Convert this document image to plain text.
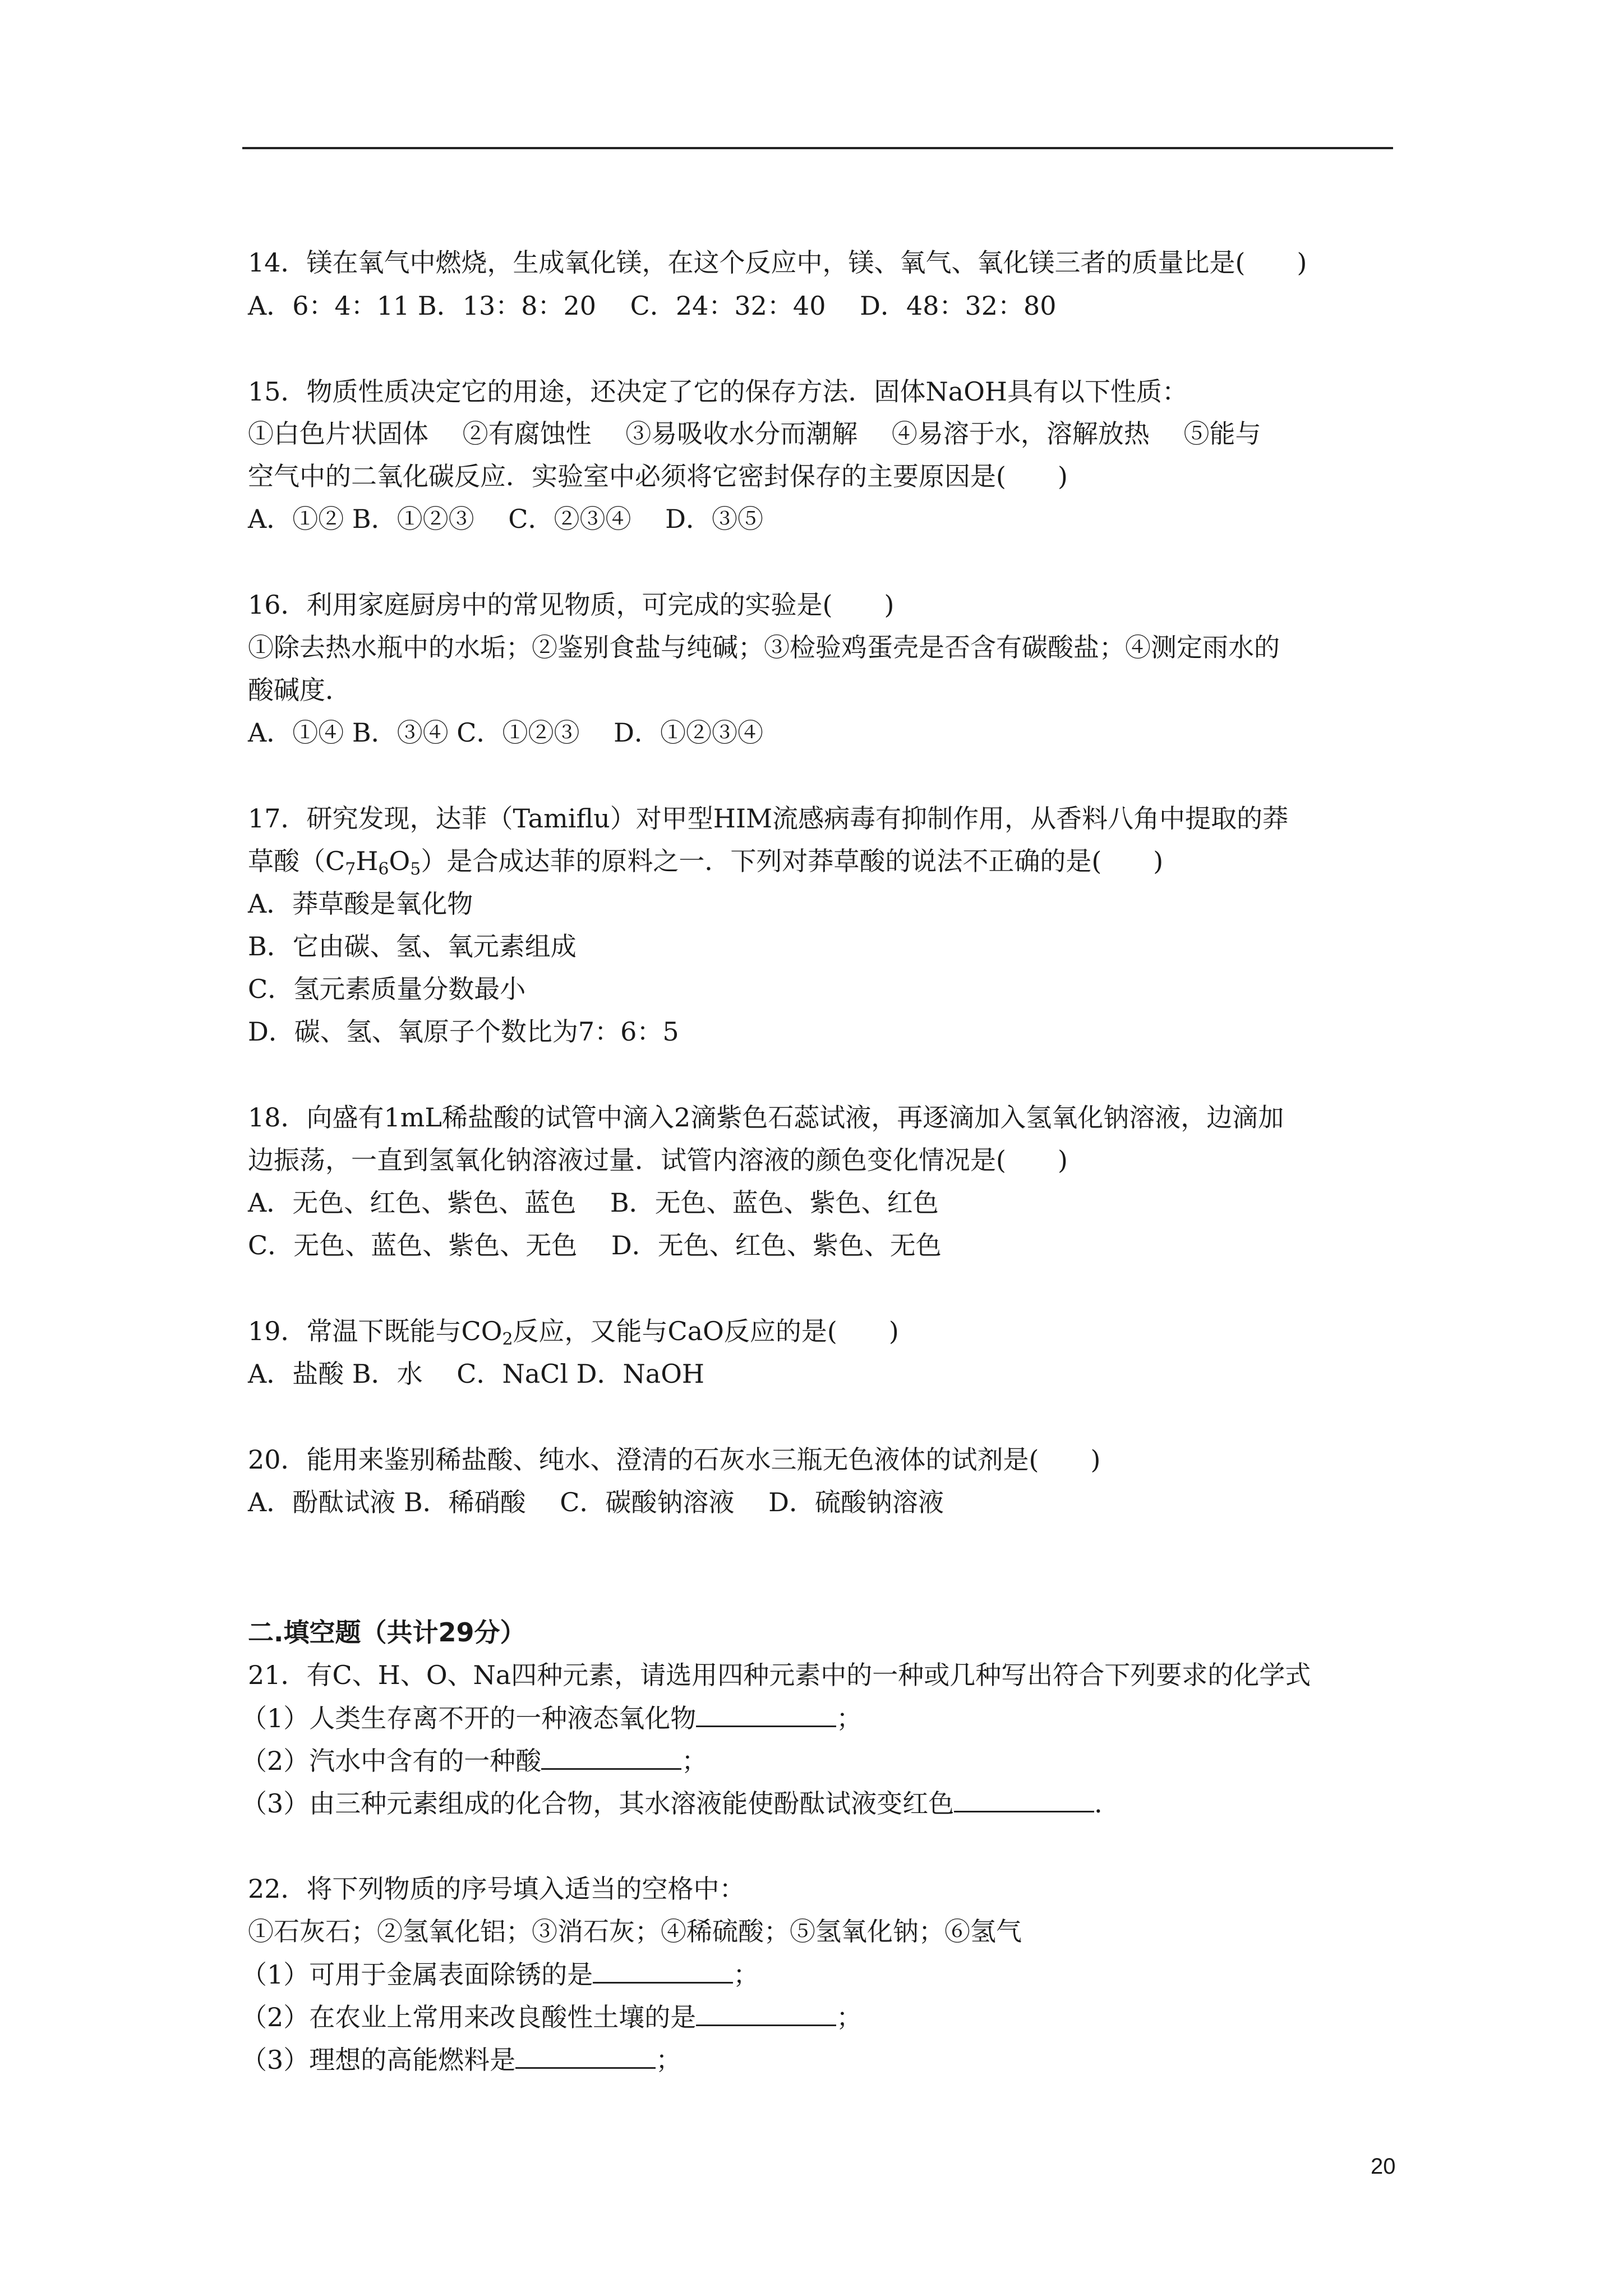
14．镁在氧气中燃烧，生成氧化镁，在这个反应中，镁、氧气、氧化镁三者的质量比是(　　)
A．6：4：11 B．13：8：20　 C．24：32：40　 D．48：32：80
15．物质性质决定它的用途，还决定了它的保存方法．固体NaOH具有以下性质：
①白色片状固体　 ②有腐蚀性　 ③易吸收水分而潮解　 ④易溶于水，溶解放热　 ⑤能与
空气中的二氧化碳反应．实验室中必须将它密封保存的主要原因是(　　)
A．①② B．①②③　 C．②③④　 D．③⑤
16．利用家庭厨房中的常见物质，可完成的实验是(　　)
①除去热水瓶中的水垢；②鉴别食盐与纯碱；③检验鸡蛋壳是否含有碳酸盐；④测定雨水的
酸碱度．
A．①④ B．③④ C．①②③　 D．①②③④
17．研究发现，达菲（Tamiflu）对甲型HIM流感病毒有抑制作用，从香料八角中提取的莽
草酸$(C_7H_6O_5)$是合成达菲的原料之一．下列对莽草酸的说法不正确的是(　　)
A．莽草酸是氧化物
B．它由碳、氢、氧元素组成
C．氢元素质量分数最小
D．碳、氢、氧原子个数比为7：6：5
18．向盛有1mL稀盐酸的试管中滴入2滴紫色石蕊试液，再逐滴加入氢氧化钠溶液，边滴加
边振荡，一直到氢氧化钠溶液过量．试管内溶液的颜色变化情况是(　　)
A．无色、红色、紫色、蓝色　 B．无色、蓝色、紫色、红色
C．无色、蓝色、紫色、无色　 D．无色、红色、紫色、无色
19．常温下既能与$CO_2$反应，又能与CaO反应的是(　　)
A．盐酸 B．水　 C．NaCl D．NaOH
20．能用来鉴别稀盐酸、纯水、澄清的石灰水三瓶无色液体的试剂是(　　)
A．酚酞试液 B．稀硝酸　 C．碳酸钠溶液　 D．硫酸钠溶液
二.填空题（共计29分）
21．有C、H、O、Na四种元素，请选用四种元素中的一种或几种写出符合下列要求的化学式
（1）人类生存离不开的一种液态氧化物	；
（2）汽水中含有的一种酸	；
（3）由三种元素组成的化合物，其水溶液能使酚酞试液变红色	．
22．将下列物质的序号填入适当的空格中：
①石灰石；②氢氧化铝；③消石灰；④稀硫酸；⑤氢氧化钠；⑥氢气
（1）可用于金属表面除锈的是	；
（2）在农业上常用来改良酸性土壤的是	；
（3）理想的高能燃料是	；
20
